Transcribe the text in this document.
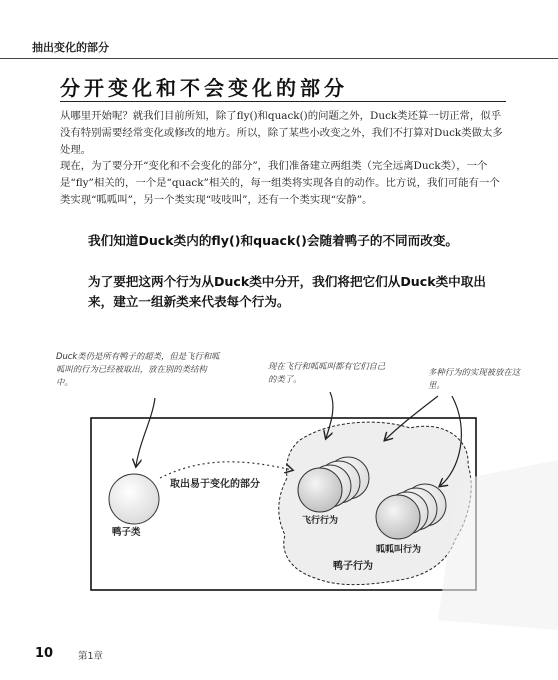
抽出变化的部分
分开变化和不会变化的部分

从哪里开始呢？就我们目前所知，除了fly()和quack()的问题之外，Duck类还算一切正常，似乎没有特别需要经常变化或修改的地方。所以，除了某些小改变之外，我们不打算对Duck类做太多处理。

现在，为了要分开“变化和不会变化的部分”，我们准备建立两组类（完全远离Duck类），一个是“fly”相关的，一个是“quack”相关的，每一组类将实现各自的动作。比方说，我们可能有一个类实现“呱呱叫”，另一个类实现“吱吱叫”，还有一个类实现“安静”。

我们知道Duck类内的fly()和quack()会随着鸭子的不同而改变。

为了要把这两个行为从Duck类中分开，我们将把它们从Duck类中取出来，建立一组新类来代表每个行为。

Duck类仍是所有鸭子的超类，但是飞行和呱呱叫的行为已经被取出，放在别的类结构中。

现在飞行和呱呱叫都有它们自己的类了。

多种行为的实现被放在这里。

鸭子类
取出易于变化的部分
飞行行为
呱呱叫行为
鸭子行为
10	第1章
